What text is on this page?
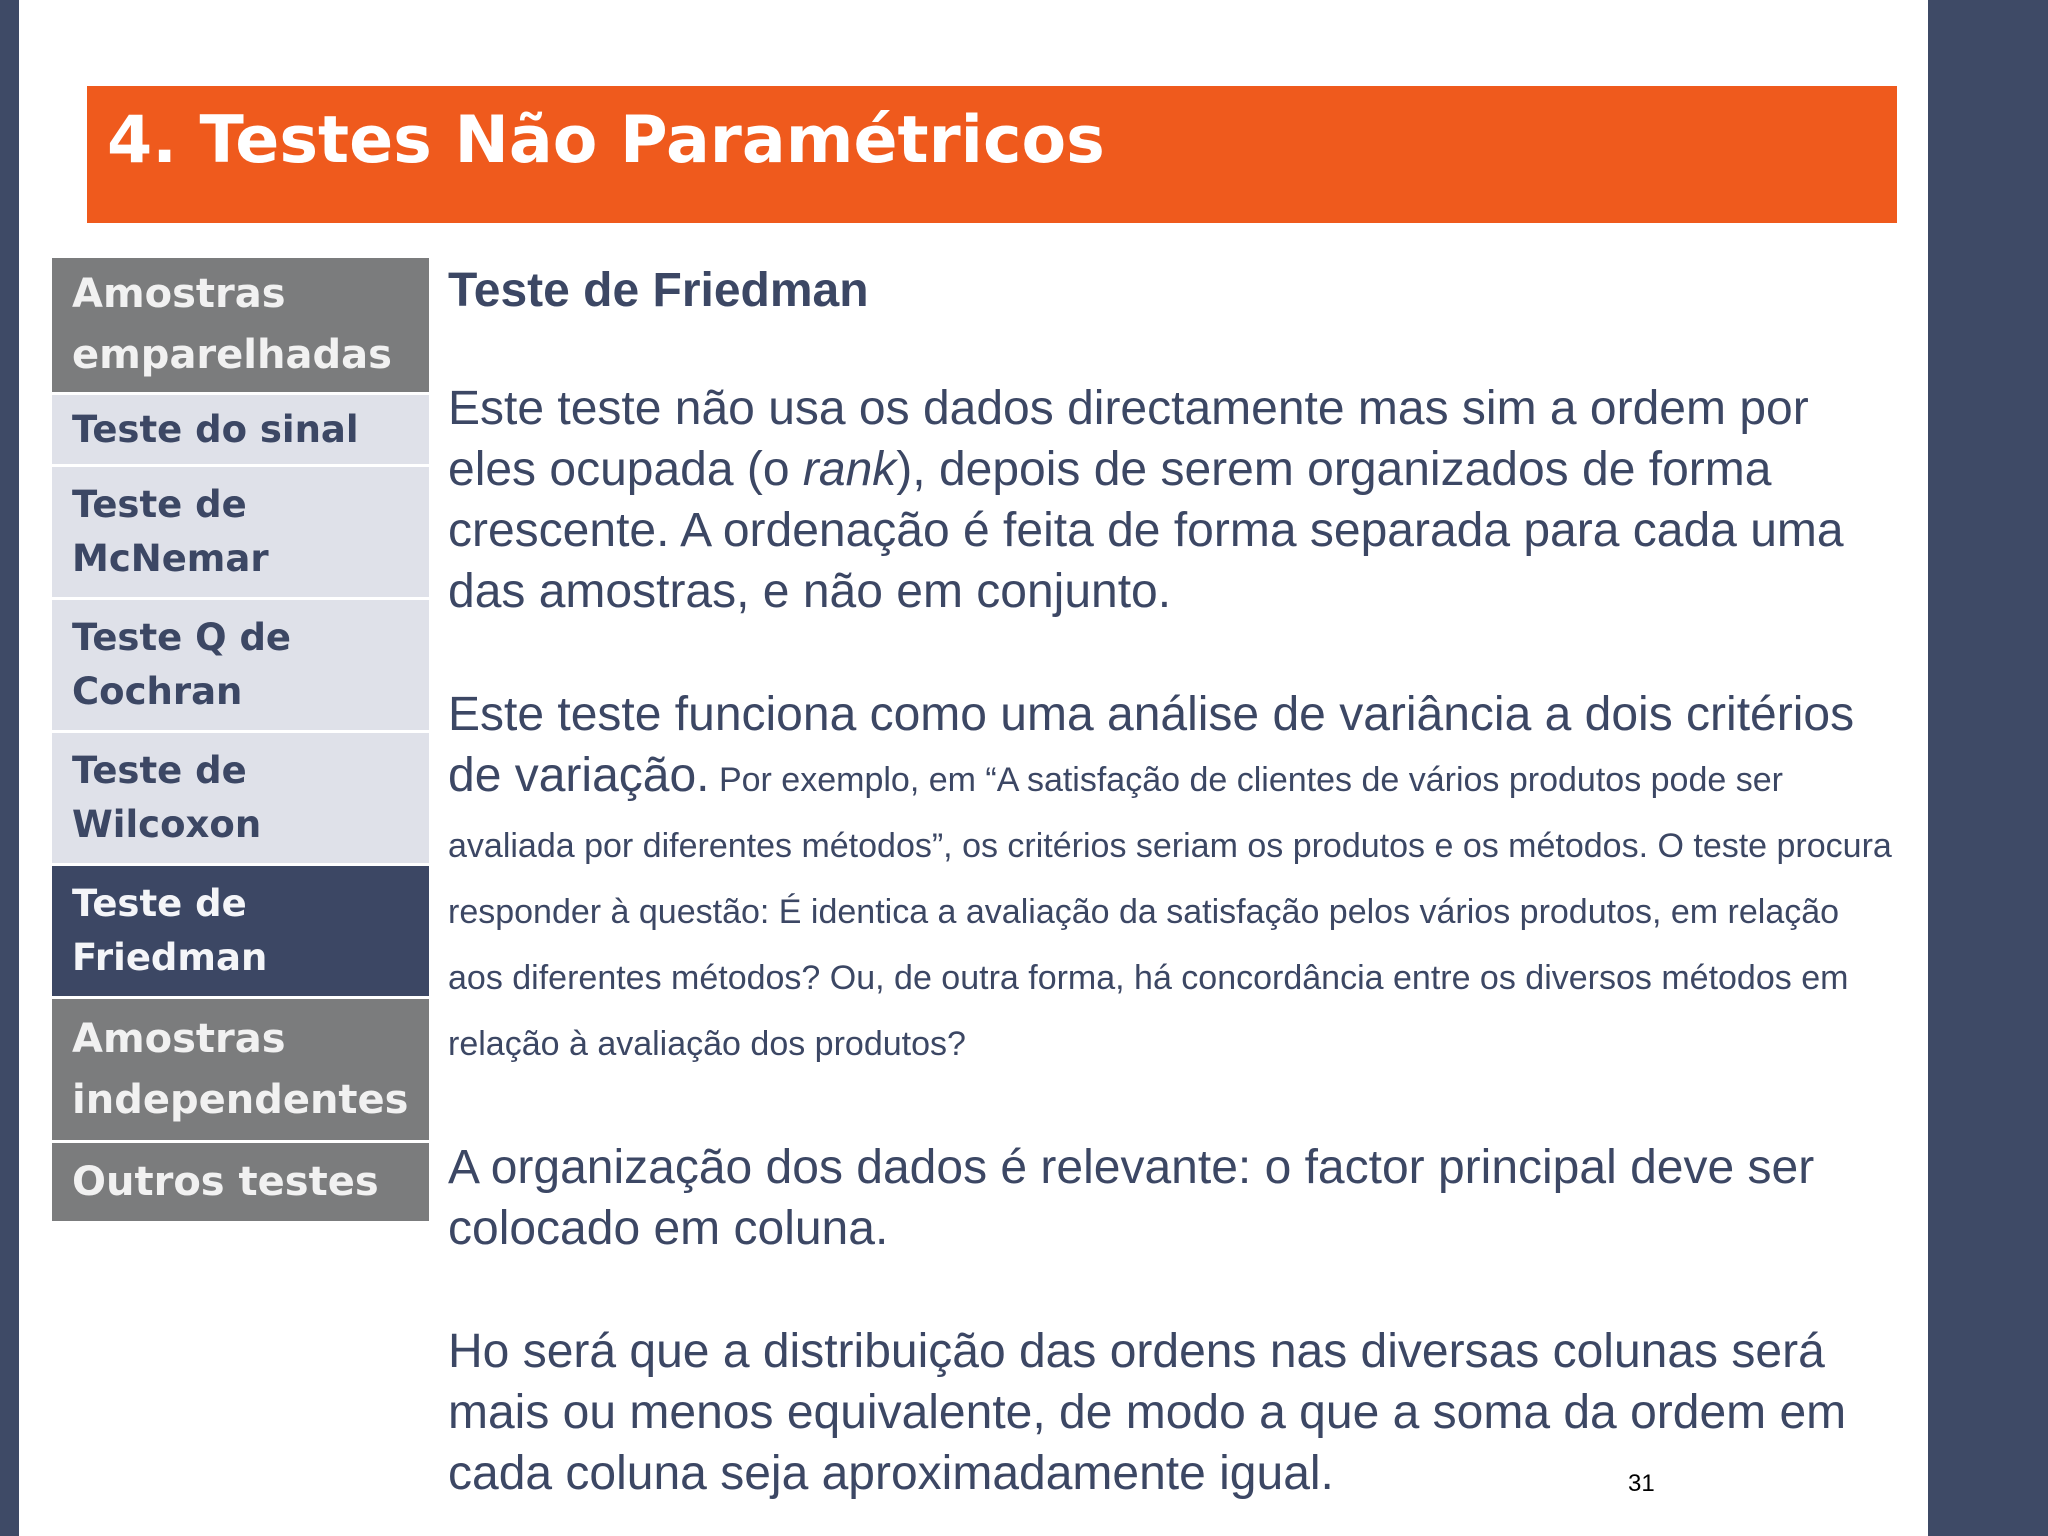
4. Testes Não Paramétricos
Amostras emparelhadas
Teste do sinal
Teste de McNemar
Teste Q de Cochran
Teste de Wilcoxon
Teste de Friedman
Amostras independentes
Outros testes
Teste de Friedman

Este teste não usa os dados directamente mas sim a ordem por eles ocupada (o rank), depois de serem organizados de forma crescente. A ordenação é feita de forma separada para cada uma das amostras, e não em conjunto.

Este teste funciona como uma análise de variância a dois critérios de variação. Por exemplo, em “A satisfação de clientes de vários produtos pode ser avaliada por diferentes métodos”, os critérios seriam os produtos e os métodos. O teste procura responder à questão: É identica a avaliação da satisfação pelos vários produtos, em relação aos diferentes métodos? Ou, de outra forma, há concordância entre os diversos métodos em relação à avaliação dos produtos?

A organização dos dados é relevante: o factor principal deve ser colocado em coluna.

Ho será que a distribuição das ordens nas diversas colunas será mais ou menos equivalente, de modo a que a soma da ordem em cada coluna seja aproximadamente igual.	31
